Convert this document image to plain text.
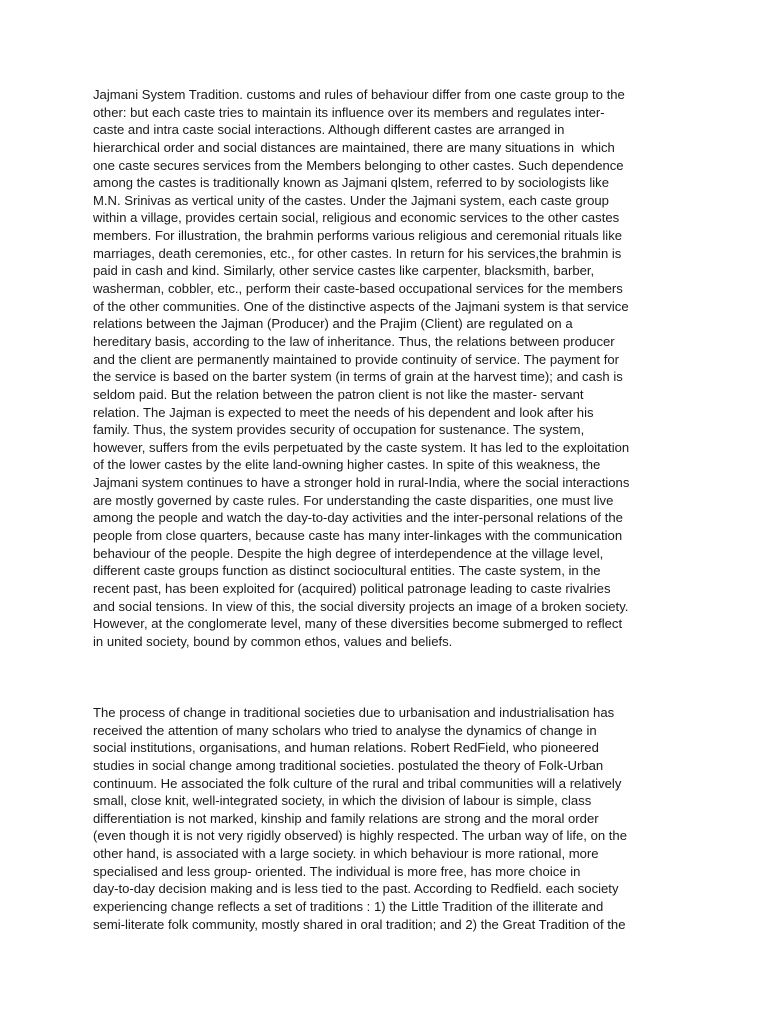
Jajmani System Tradition. customs and rules of behaviour differ from one caste group to the
other: but each caste tries to maintain its influence over its members and regulates inter-
caste and intra caste social interactions. Although different castes are arranged in
hierarchical order and social distances are maintained, there are many situations in  which
one caste secures services from the Members belonging to other castes. Such dependence
among the castes is traditionally known as Jajmani qlstem, referred to by sociologists like
M.N. Srinivas as vertical unity of the castes. Under the Jajmani system, each caste group
within a village, provides certain social, religious and economic services to the other castes
members. For illustration, the brahmin performs various religious and ceremonial rituals like
marriages, death ceremonies, etc., for other castes. In return for his services,the brahmin is
paid in cash and kind. Similarly, other service castes like carpenter, blacksmith, barber,
washerman, cobbler, etc., perform their caste-based occupational services for the members
of the other communities. One of the distinctive aspects of the Jajmani system is that service
relations between the Jajman (Producer) and the Prajim (Client) are regulated on a
hereditary basis, according to the law of inheritance. Thus, the relations between producer
and the client are permanently maintained to provide continuity of service. The payment for
the service is based on the barter system (in terms of grain at the harvest time); and cash is
seldom paid. But the relation between the patron client is not like the master- servant
relation. The Jajman is expected to meet the needs of his dependent and look after his
family. Thus, the system provides security of occupation for sustenance. The system,
however, suffers from the evils perpetuated by the caste system. It has led to the exploitation
of the lower castes by the elite land-owning higher castes. In spite of this weakness, the
Jajmani system continues to have a stronger hold in rural-India, where the social interactions
are mostly governed by caste rules. For understanding the caste disparities, one must live
among the people and watch the day-to-day activities and the inter-personal relations of the
people from close quarters, because caste has many inter-linkages with the communication
behaviour of the people. Despite the high degree of interdependence at the village level,
different caste groups function as distinct sociocultural entities. The caste system, in the
recent past, has been exploited for (acquired) political patronage leading to caste rivalries
and social tensions. In view of this, the social diversity projects an image of a broken society.
However, at the conglomerate level, many of these diversities become submerged to reflect
in united society, bound by common ethos, values and beliefs.
The process of change in traditional societies due to urbanisation and industrialisation has
received the attention of many scholars who tried to analyse the dynamics of change in
social institutions, organisations, and human relations. Robert RedField, who pioneered
studies in social change among traditional societies. postulated the theory of Folk-Urban
continuum. He associated the folk culture of the rural and tribal communities will a relatively
small, close knit, well-integrated society, in which the division of labour is simple, class
differentiation is not marked, kinship and family relations are strong and the moral order
(even though it is not very rigidly observed) is highly respected. The urban way of life, on the
other hand, is associated with a large society. in which behaviour is more rational, more
specialised and less group- oriented. The individual is more free, has more choice in
day-to-day decision making and is less tied to the past. According to Redfield. each society
experiencing change reflects a set of traditions : 1) the Little Tradition of the illiterate and
semi-literate folk community, mostly shared in oral tradition; and 2) the Great Tradition of the
